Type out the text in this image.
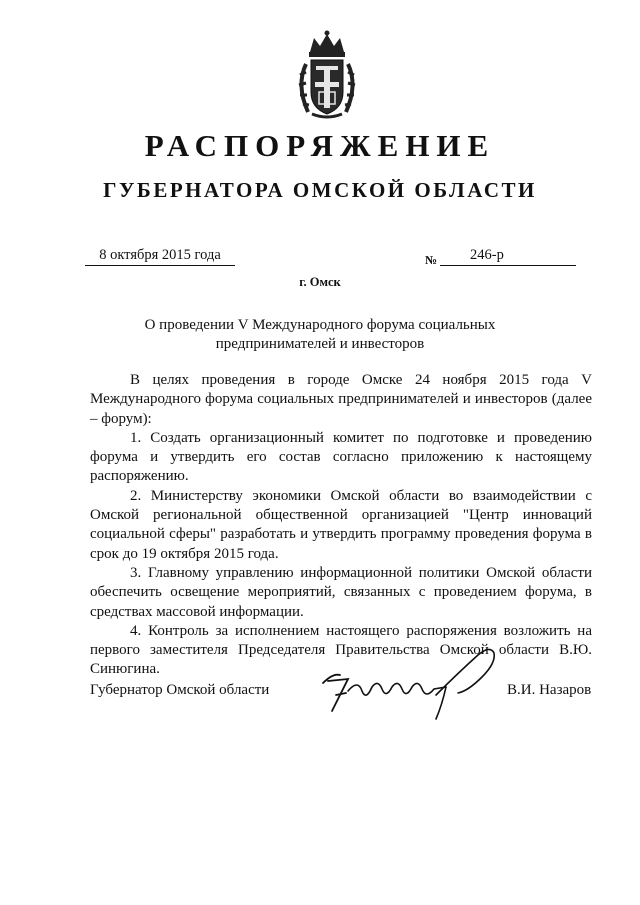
РАСПОРЯЖЕНИЕ
ГУБЕРНАТОРА ОМСКОЙ ОБЛАСТИ
8 октября 2015 года	№	246-р
г. Омск
О проведении V Международного форума социальных
предпринимателей и инвесторов

В целях проведения в городе Омске 24 ноября 2015 года V Международного форума социальных предпринимателей и инвесторов (далее – форум):

1. Создать организационный комитет по подготовке и проведению форума и утвердить его состав согласно приложению к настоящему распоряжению.

2. Министерству экономики Омской области во взаимодействии с Омской региональной общественной организацией "Центр инноваций социальной сферы" разработать и утвердить программу проведения форума в срок до 19 октября 2015 года.

3. Главному управлению информационной политики Омской области обеспечить освещение мероприятий, связанных с проведением форума, в средствах массовой информации.

4. Контроль за исполнением настоящего распоряжения возложить на первого заместителя Председателя Правительства Омской области В.Ю. Синюгина.

Губернатор Омской области	В.И. Назаров
